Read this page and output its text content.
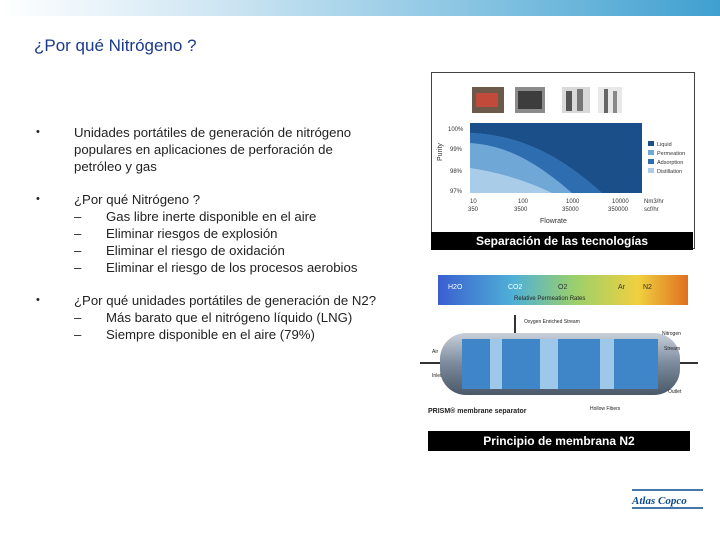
¿Por qué Nitrógeno ?
•	Unidades portátiles de generación de nitrógeno populares en aplicaciones de perforación de petróleo y gas
•	¿Por qué Nitrógeno ?
– Gas libre inerte disponible en el aire
– Eliminar riesgos de explosión
– Eliminar el riesgo de oxidación
– Eliminar el riesgo de los procesos aerobios
•	¿Por qué unidades portátiles de generación de N2?
– Más barato que el nitrógeno líquido (LNG)
– Siempre disponible en el aire (79%)
Purity
100%
99%
98%
97%
10	100	1000	10000	Nm3/hr
350	3500	35000	350000	scf/hr
Flowrate
Liquid
Permeation
Adsorption
Distillation
Separación de las tecnologías
H2O	CO2	O2	Ar	N2
Relative Permeation Rates
Oxygen Enriched Stream
Nitrogen
Stream
Air
Inlet
Outlet
Hollow Fibers
PRISM® membrane separator
Principio de membrana N2
Atlas Copco
